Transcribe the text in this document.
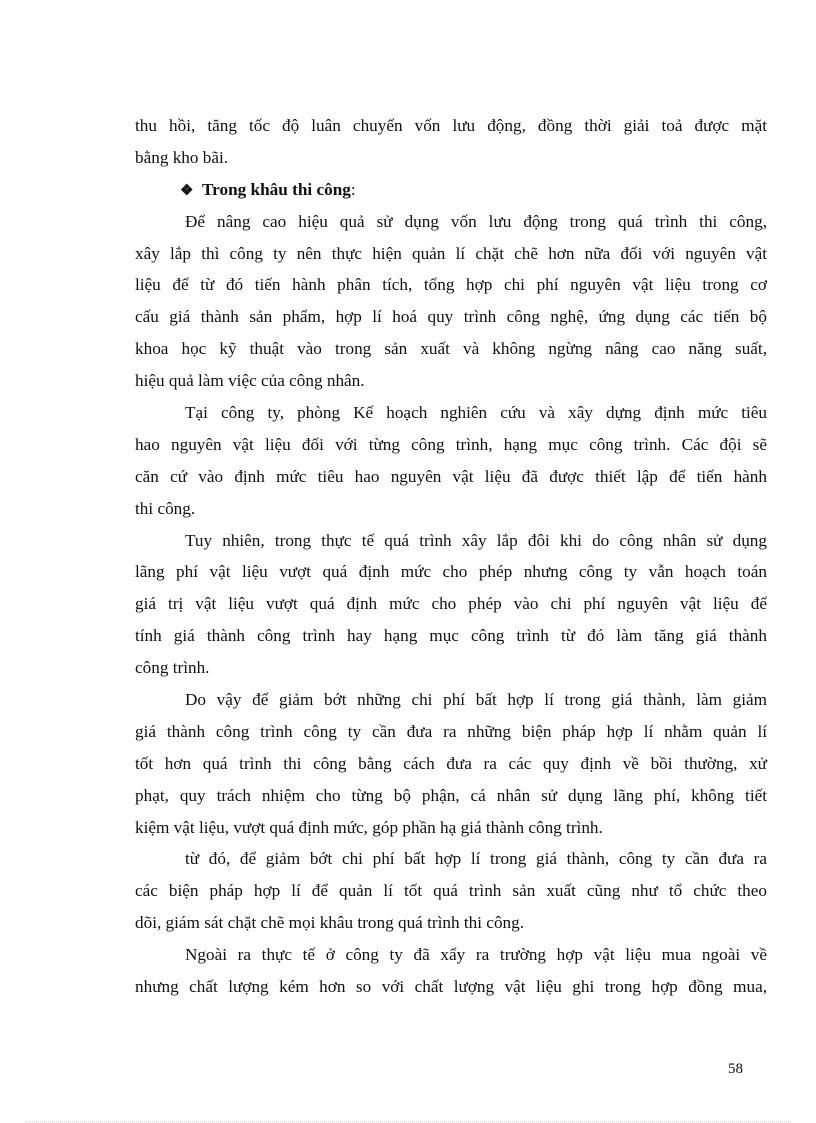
thu hồi, tăng tốc độ luân chuyển vốn lưu động, đồng thời giải toả được mặt
bằng kho bãi.
❖ Trong khâu thi công:
Để nâng cao hiệu quả sử dụng vốn lưu động trong quá trình thi công,
xây lắp thì công ty nên thực hiện quản lí chặt chẽ hơn nữa đối với nguyên vật
liệu để từ đó tiến hành phân tích, tổng hợp chi phí nguyên vật liệu trong cơ
cấu giá thành sản phẩm, hợp lí hoá quy trình công nghệ, ứng dụng các tiến bộ
khoa học kỹ thuật vào trong sản xuất và không ngừng nâng cao năng suất,
hiệu quả làm việc của công nhân.
Tại công ty, phòng Kế hoạch nghiên cứu và xây dựng định mức tiêu
hao nguyên vật liệu đối với từng công trình, hạng mục công trình. Các đội sẽ
căn cứ vào định mức tiêu hao nguyên vật liệu đã được thiết lập để tiến hành
thi công.
Tuy nhiên, trong thực tế quá trình xây lắp đôi khi do công nhân sử dụng
lãng phí vật liệu vượt quá định mức cho phép nhưng công ty vẫn hoạch toán
giá trị vật liệu vượt quá định mức cho phép vào chi phí nguyên vật liệu để
tính giá thành công trình hay hạng mục công trình từ đó làm tăng giá thành
công trình.
Do vậy để giảm bớt những chi phí bất hợp lí trong giá thành, làm giảm
giá thành công trình công ty cần đưa ra những biện pháp hợp lí nhằm quản lí
tốt hơn quá trình thi công bằng cách đưa ra các quy định về bồi thường, xử
phạt, quy trách nhiệm cho từng bộ phận, cá nhân sử dụng lãng phí, không tiết
kiệm vật liệu, vượt quá định mức, góp phần hạ giá thành công trình.
từ đó, để giảm bớt chi phí bất hợp lí trong giá thành, công ty cần đưa ra
các biện pháp hợp lí để quản lí tốt quá trình sản xuất cũng như tổ chức theo
dõi, giám sát chặt chẽ mọi khâu trong quá trình thi công.
Ngoài ra thực tế ở công ty đã xẩy ra trường hợp vật liệu mua ngoài về
nhưng chất lượng kém hơn so với chất lượng vật liệu ghi trong hợp đồng mua,
58
